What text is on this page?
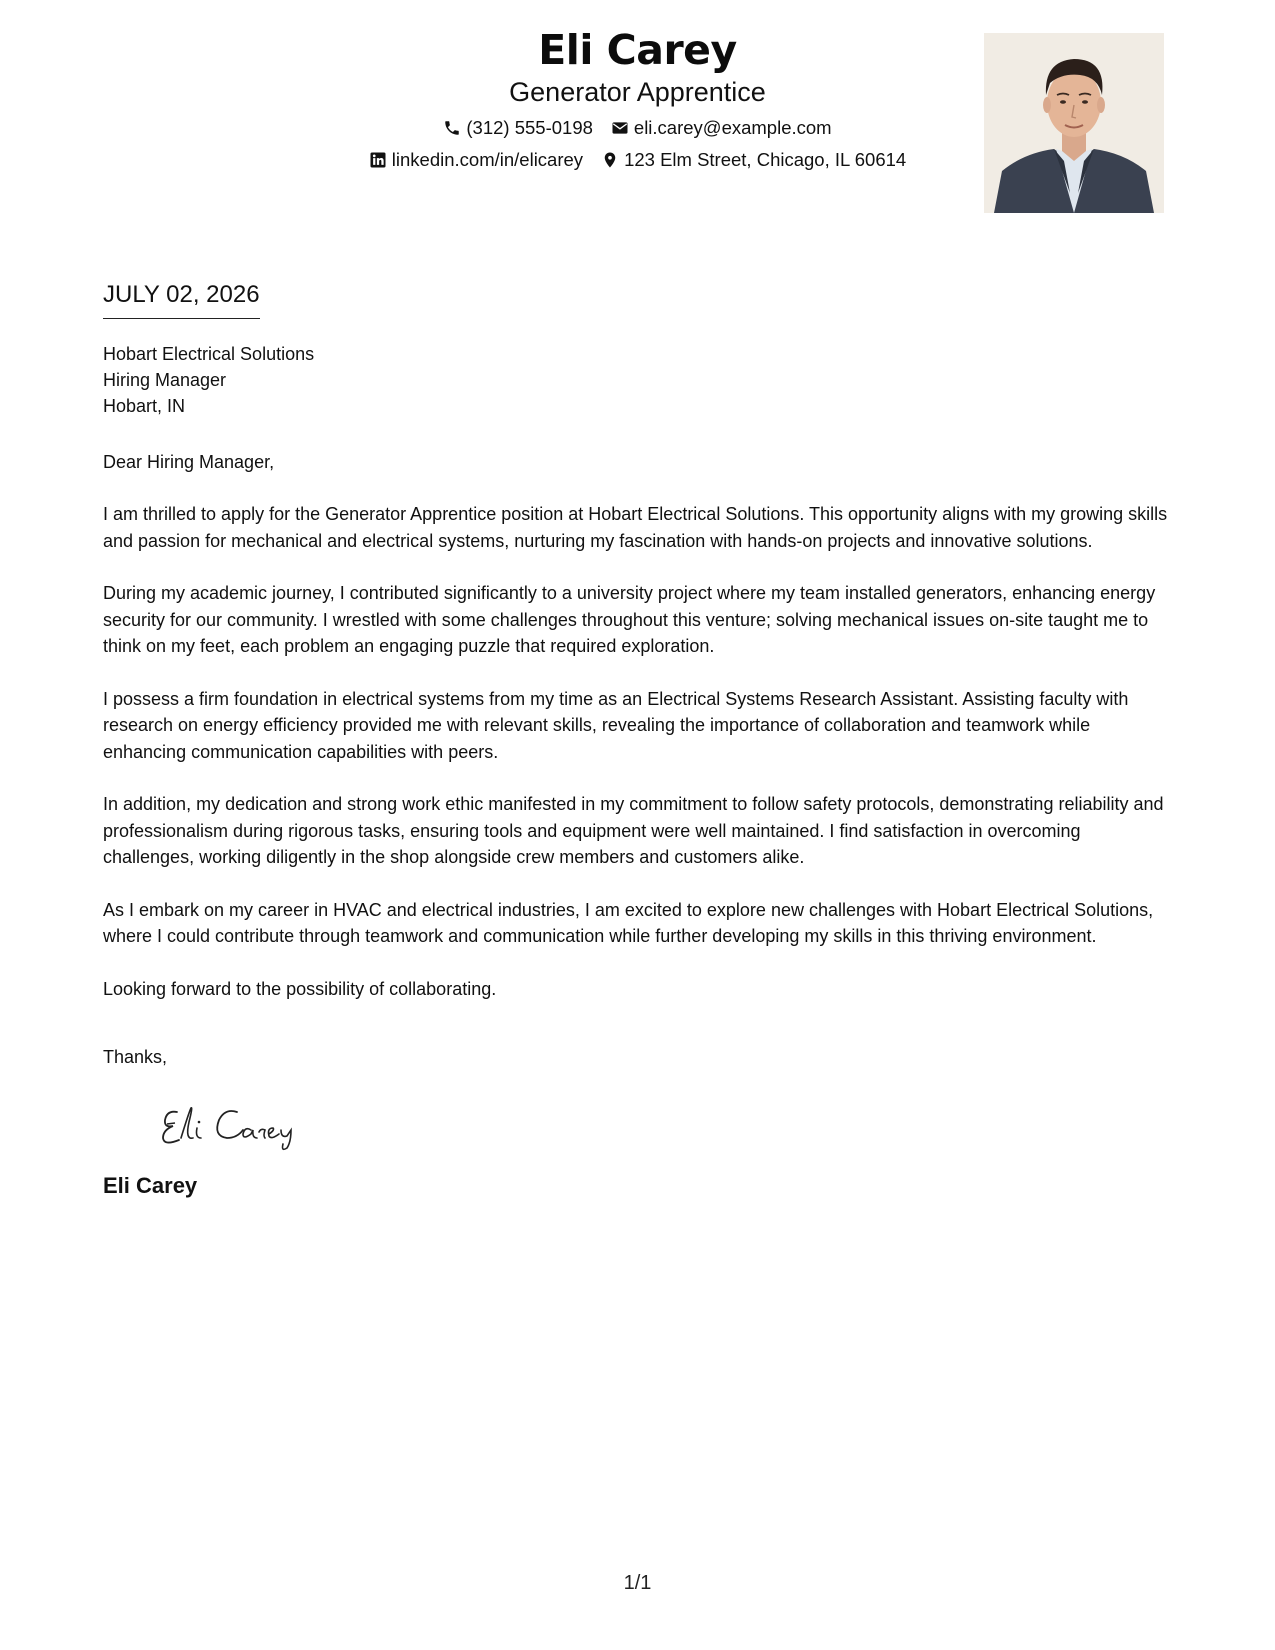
Eli Carey
Generator Apprentice
(312) 555-0198 eli.carey@example.com
linkedin.com/in/elicarey 123 Elm Street, Chicago, IL 60614
JULY 02, 2026
Hobart Electrical Solutions
Hiring Manager
Hobart, IN
Dear Hiring Manager,
I am thrilled to apply for the Generator Apprentice position at Hobart Electrical Solutions. This opportunity aligns with my growing skills and passion for mechanical and electrical systems, nurturing my fascination with hands-on projects and innovative solutions.
During my academic journey, I contributed significantly to a university project where my team installed generators, enhancing energy security for our community. I wrestled with some challenges throughout this venture; solving mechanical issues on-site taught me to think on my feet, each problem an engaging puzzle that required exploration.
I possess a firm foundation in electrical systems from my time as an Electrical Systems Research Assistant. Assisting faculty with research on energy efficiency provided me with relevant skills, revealing the importance of collaboration and teamwork while enhancing communication capabilities with peers.
In addition, my dedication and strong work ethic manifested in my commitment to follow safety protocols, demonstrating reliability and professionalism during rigorous tasks, ensuring tools and equipment were well maintained. I find satisfaction in overcoming challenges, working diligently in the shop alongside crew members and customers alike.
As I embark on my career in HVAC and electrical industries, I am excited to explore new challenges with Hobart Electrical Solutions, where I could contribute through teamwork and communication while further developing my skills in this thriving environment.
Looking forward to the possibility of collaborating.
Thanks,
Eli Carey
1/1
